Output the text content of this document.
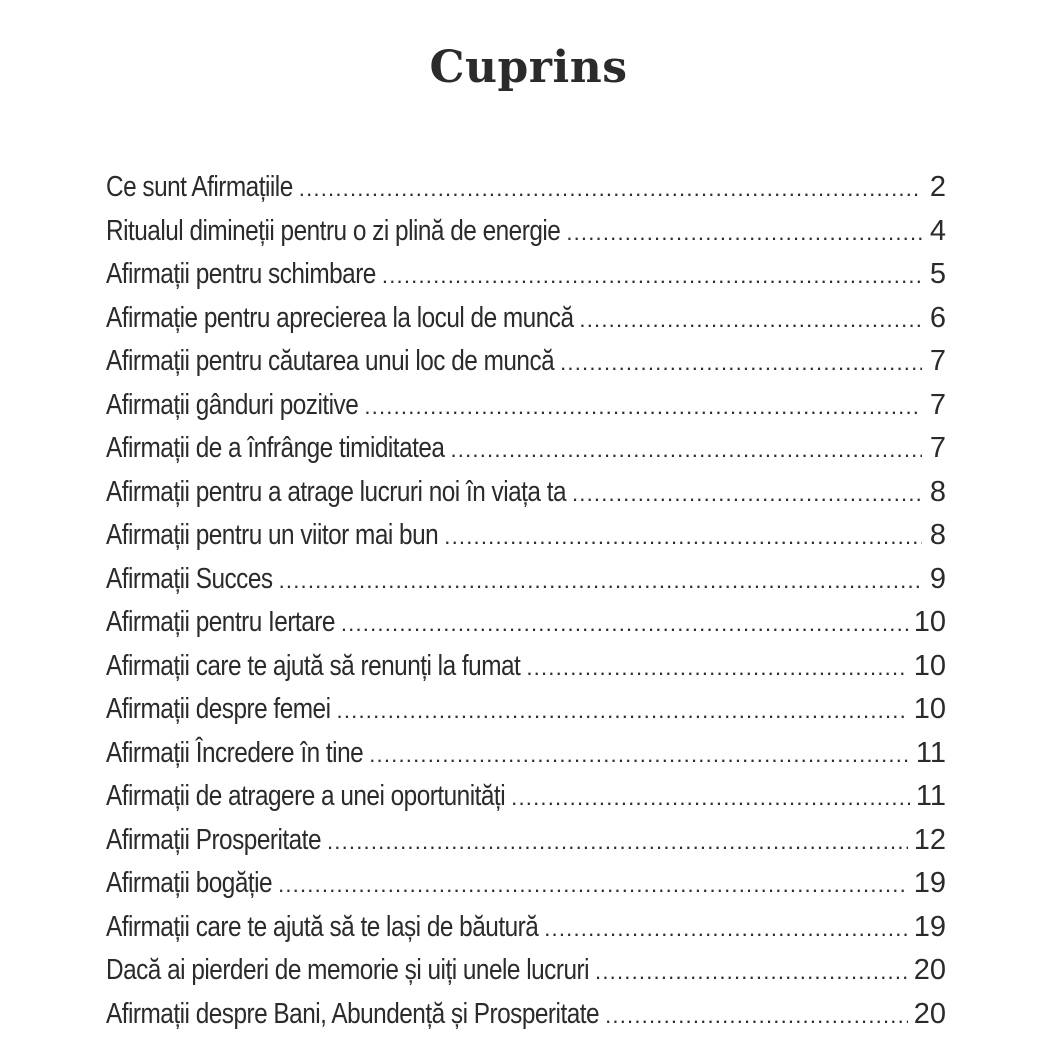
Cuprins
Ce sunt Afirmațiile .....	2
Ritualul dimineții pentru o zi plină de energie .....	4
Afirmații pentru schimbare .....	5
Afirmație pentru aprecierea la locul de muncă .....	6
Afirmații pentru căutarea unui loc de muncă .....	7
Afirmații gânduri pozitive .....	7
Afirmații de a înfrânge timiditatea .....	7
Afirmații pentru a atrage lucruri noi în viața ta .....	8
Afirmații pentru un viitor mai bun .....	8
Afirmații Succes .....	9
Afirmații pentru Iertare .....	10
Afirmații care te ajută să renunți la fumat .....	10
Afirmații despre femei .....	10
Afirmații Încredere în tine .....	11
Afirmații de atragere a unei oportunități .....	11
Afirmații Prosperitate .....	12
Afirmații bogăție .....	19
Afirmații care te ajută să te lași de băutură .....	19
Dacă ai pierderi de memorie și uiți unele lucruri .....	20
Afirmații despre Bani, Abundență și Prosperitate .....	20
